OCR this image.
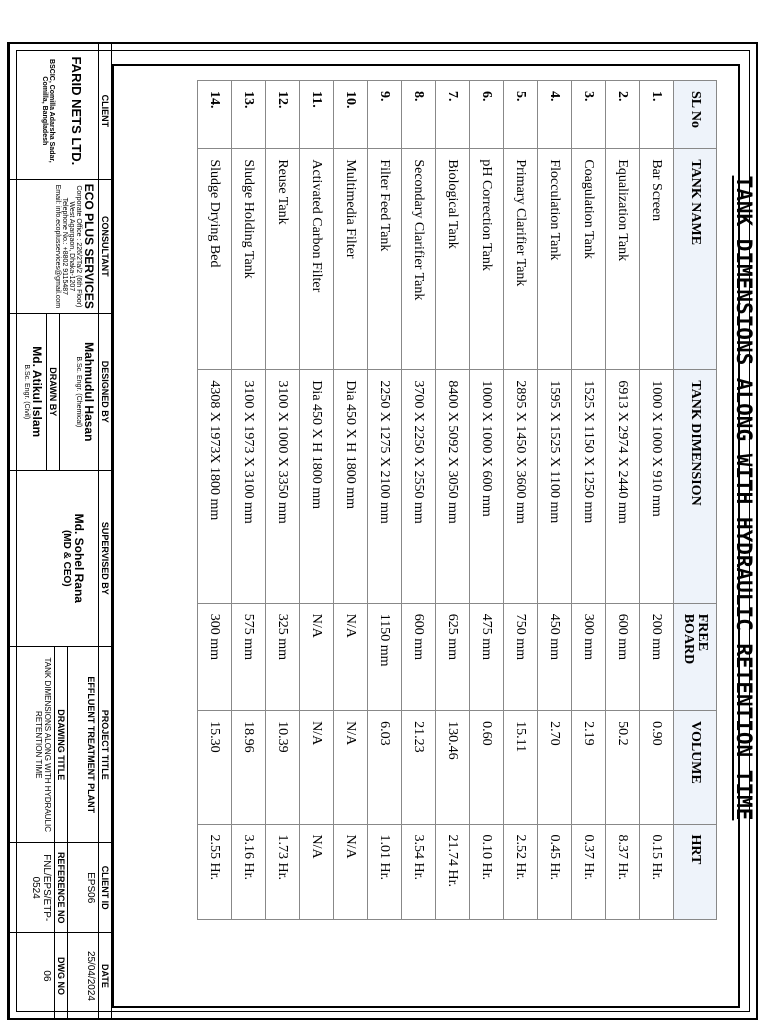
TANK DIMENSIONS ALONG WITH HYDRAULIC RETENTION TIME
SL No	TANK NAME	TANK DIMENSION	FREE BOARD	VOLUME	HRT
1.	Bar Screen	1000 X 1000 X 910 mm	200 mm	0.90	0.15 Hr.
2.	Equalization Tank	6913 X 2974 X 2440 mm	600 mm	50.2	8.37 Hr.
3.	Coagulation Tank	1525 X 1150 X 1250 mm	300 mm	2.19	0.37 Hr.
4.	Flocculation Tank	1595 X 1525 X 1100 mm	450 mm	2.70	0.45 Hr.
5.	Primary Clarifier Tank	2895 X 1450 X 3600 mm	750 mm	15.11	2.52 Hr.
6.	pH Correction Tank	1000 X 1000 X 600 mm	475 mm	0.60	0.10 Hr.
7.	Biological Tank	8400 X 5092 X 3050 mm	625 mm	130.46	21.74 Hr.
8.	Secondary Clarifier Tank	3700 X 2250 X 2550 mm	600 mm	21.23	3.54 Hr.
9.	Filter Feed Tank	2250 X 1275 X 2100 mm	1150 mm	6.03	1.01 Hr.
10.	Multimedia Filter	Dia 450 X H 1800 mm	N/A	N/A	N/A
11.	Activated Carbon Filter	Dia 450 X H 1800 mm	N/A	N/A	N/A
12.	Reuse Tank	3100 X 1000 X 3350 mm	325 mm	10.39	1.73 Hr.
13.	Sludge Holding Tank	3100 X 1973 X 3100 mm	575 mm	18.96	3.16 Hr.
14.	Sludge Drying Bed	4308 X 1973X 1800 mm	300 mm	15.30	2.55 Hr.
CLIENT
FARID NETS LTD.
BSCIC, Comilla Adarsha Sadar, Comilla, Bangladesh

CONSULTANT
ECO PLUS SERVICES
Corporate Office : 226/2Ta/2 (6th Floor)
West Agargaon, Dhaka-1207
Telephone No.: +8802 9115487
Email: info.ecoplusservices@gmail.com

DESIGNED BY
Mahmudul Hasan
B.Sc. Engr. (Chemical)
DRAWN BY
Md. Atikul Islam
B.Sc. Engr. (Civil)

SUPERVISED BY
Md. Sohel Rana
(MD & CEO)

PROJECT TITLE
EFFLUENT TREATMENT PLANT
DRAWING TITLE
TANK DIMENSIONS ALONG WITH HYDRAULIC RETENTION TIME

CLIENT ID
EPS06
REFERENCE NO
FNL/EPS/ETP-0524

DATE
25/04/2024
DWG NO
06
